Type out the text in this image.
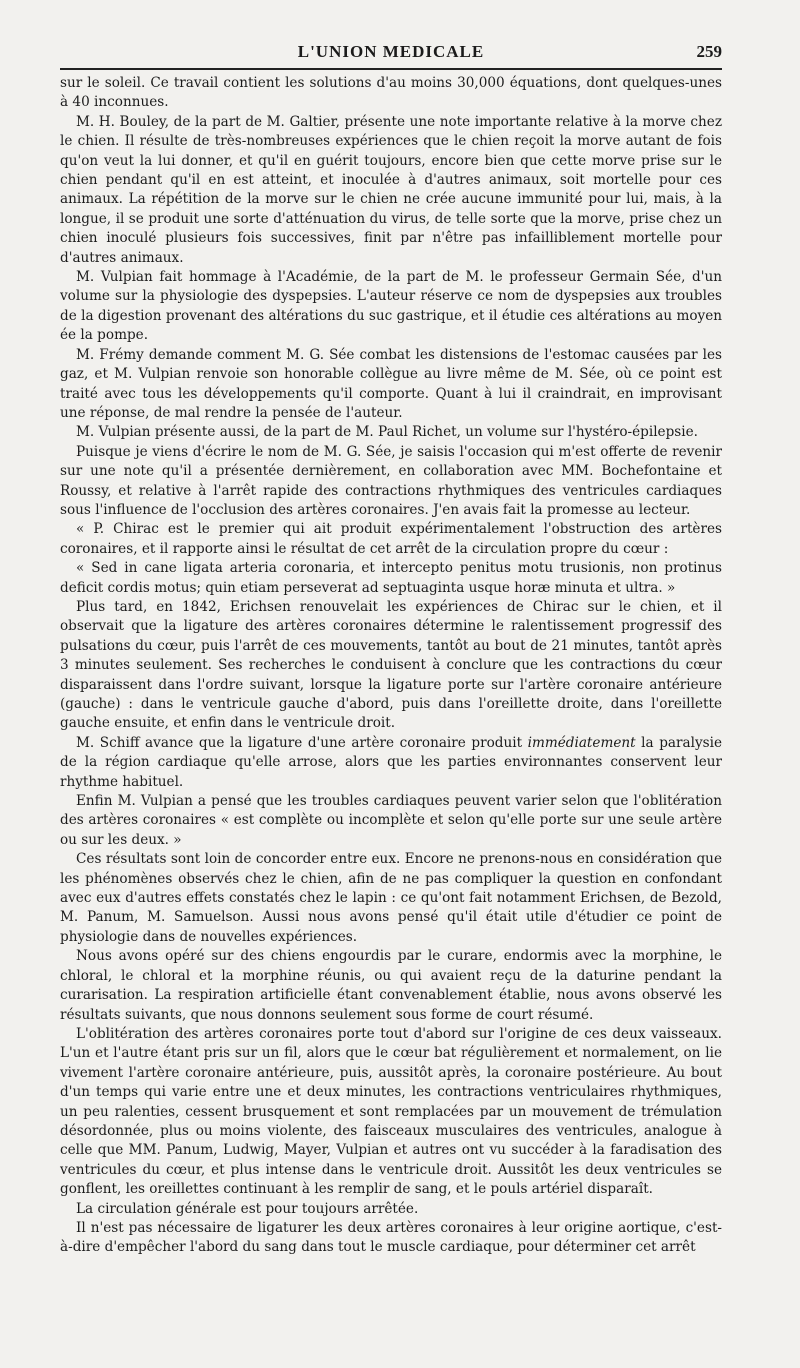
L'UNION MEDICALE	259

sur le soleil. Ce travail contient les solutions d'au moins 30,000 équations, dont quelques-unes à 40 inconnues.

M. H. Bouley, de la part de M. Galtier, présente une note importante relative à la morve chez le chien. Il résulte de très-nombreuses expériences que le chien reçoit la morve autant de fois qu'on veut la lui donner, et qu'il en guérit toujours, encore bien que cette morve prise sur le chien pendant qu'il en est atteint, et inoculée à d'autres animaux, soit mortelle pour ces animaux. La répétition de la morve sur le chien ne crée aucune immunité pour lui, mais, à la longue, il se produit une sorte d'atténuation du virus, de telle sorte que la morve, prise chez un chien inoculé plusieurs fois successives, finit par n'être pas infailliblement mortelle pour d'autres animaux.

M. Vulpian fait hommage à l'Académie, de la part de M. le professeur Germain Sée, d'un volume sur la physiologie des dyspepsies. L'auteur réserve ce nom de dyspepsies aux troubles de la digestion provenant des altérations du suc gastrique, et il étudie ces altérations au moyen ée la pompe.

M. Frémy demande comment M. G. Sée combat les distensions de l'estomac causées par les gaz, et M. Vulpian renvoie son honorable collègue au livre même de M. Sée, où ce point est traité avec tous les développements qu'il comporte. Quant à lui il craindrait, en improvisant une réponse, de mal rendre la pensée de l'auteur.

M. Vulpian présente aussi, de la part de M. Paul Richet, un volume sur l'hystéro-épilepsie.

Puisque je viens d'écrire le nom de M. G. Sée, je saisis l'occasion qui m'est offerte de revenir sur une note qu'il a présentée dernièrement, en collaboration avec MM. Bochefontaine et Roussy, et relative à l'arrêt rapide des contractions rhythmiques des ventricules cardiaques sous l'influence de l'occlusion des artères coronaires. J'en avais fait la promesse au lecteur.

« P. Chirac est le premier qui ait produit expérimentalement l'obstruction des artères coronaires, et il rapporte ainsi le résultat de cet arrêt de la circulation propre du cœur :

« Sed in cane ligata arteria coronaria, et intercepto penitus motu trusionis, non protinus deficit cordis motus; quin etiam perseverat ad septuaginta usque horæ minuta et ultra. »

Plus tard, en 1842, Erichsen renouvelait les expériences de Chirac sur le chien, et il observait que la ligature des artères coronaires détermine le ralentissement progressif des pulsations du cœur, puis l'arrêt de ces mouvements, tantôt au bout de 21 minutes, tantôt après 3 minutes seulement. Ses recherches le conduisent à conclure que les contractions du cœur disparaissent dans l'ordre suivant, lorsque la ligature porte sur l'artère coronaire antérieure (gauche) : dans le ventricule gauche d'abord, puis dans l'oreillette droite, dans l'oreillette gauche ensuite, et enfin dans le ventricule droit.

M. Schiff avance que la ligature d'une artère coronaire produit immédiatement la paralysie de la région cardiaque qu'elle arrose, alors que les parties environnantes conservent leur rhythme habituel.

Enfin M. Vulpian a pensé que les troubles cardiaques peuvent varier selon que l'oblitération des artères coronaires « est complète ou incomplète et selon qu'elle porte sur une seule artère ou sur les deux. »

Ces résultats sont loin de concorder entre eux. Encore ne prenons-nous en considération que les phénomènes observés chez le chien, afin de ne pas compliquer la question en confondant avec eux d'autres effets constatés chez le lapin : ce qu'ont fait notamment Erichsen, de Bezold, M. Panum, M. Samuelson. Aussi nous avons pensé qu'il était utile d'étudier ce point de physiologie dans de nouvelles expériences.

Nous avons opéré sur des chiens engourdis par le curare, endormis avec la morphine, le chloral, le chloral et la morphine réunis, ou qui avaient reçu de la daturine pendant la curarisation. La respiration artificielle étant convenablement établie, nous avons observé les résultats suivants, que nous donnons seulement sous forme de court résumé.

L'oblitération des artères coronaires porte tout d'abord sur l'origine de ces deux vaisseaux. L'un et l'autre étant pris sur un fil, alors que le cœur bat régulièrement et normalement, on lie vivement l'artère coronaire antérieure, puis, aussitôt après, la coronaire postérieure. Au bout d'un temps qui varie entre une et deux minutes, les contractions ventriculaires rhythmiques, un peu ralenties, cessent brusquement et sont remplacées par un mouvement de trémulation désordonnée, plus ou moins violente, des faisceaux musculaires des ventricules, analogue à celle que MM. Panum, Ludwig, Mayer, Vulpian et autres ont vu succéder à la faradisation des ventricules du cœur, et plus intense dans le ventricule droit. Aussitôt les deux ventricules se gonflent, les oreillettes continuant à les remplir de sang, et le pouls artériel disparaît.

La circulation générale est pour toujours arrêtée.

Il n'est pas nécessaire de ligaturer les deux artères coronaires à leur origine aortique, c'est-à-dire d'empêcher l'abord du sang dans tout le muscle cardiaque, pour déterminer cet arrêt
